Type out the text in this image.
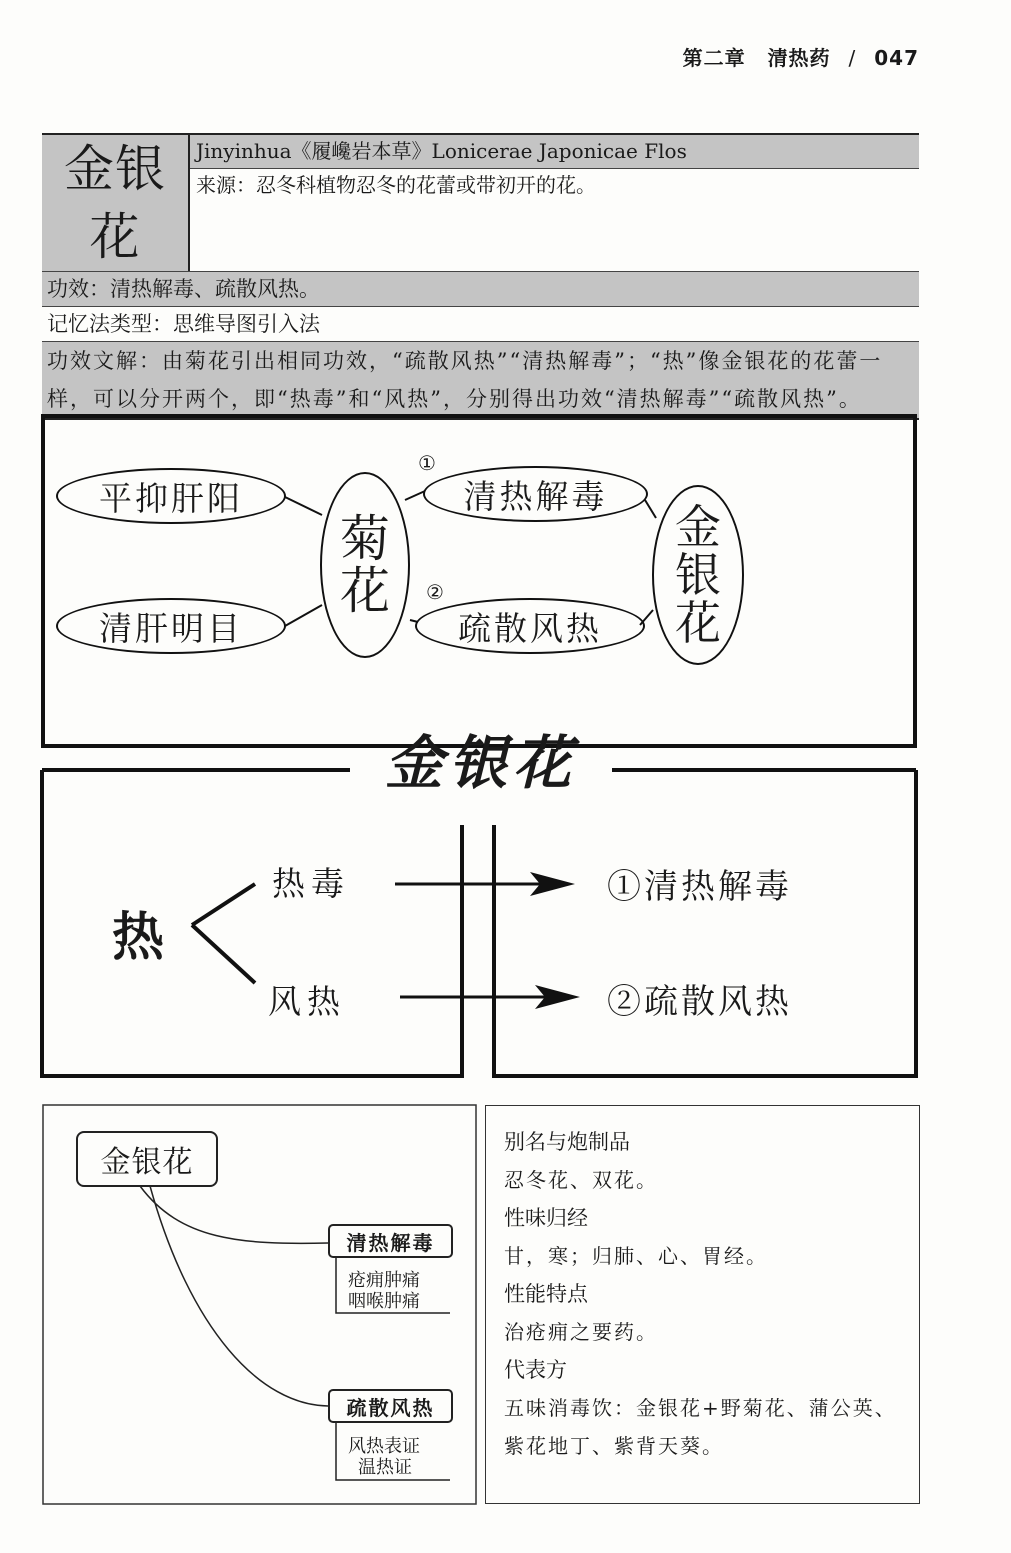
第二章 清热药 / 047
金银花
Jinyinhua《履巉岩本草》Lonicerae Japonicae Flos
来源：忍冬科植物忍冬的花蕾或带初开的花。
功效：清热解毒、疏散风热。
记忆法类型：思维导图引入法
功效文解：由菊花引出相同功效，“疏散风热”“清热解毒”；“热”像金银花的花蕾一样，可以分开两个，即“热毒”和“风热”，分别得出功效“清热解毒”“疏散风热”。
平抑肝阳
清肝明目
菊
花
清热解毒
疏散风热
①
②
金
银
花
金银花
热
热毒
风热
①清热解毒
②疏散风热
金银花
清热解毒
疮痈肿痛
咽喉肿痛
疏散风热
风热表证
温热证
别名与炮制品
忍冬花、双花。
性味归经
甘，寒；归肺、心、胃经。
性能特点
治疮痈之要药。
代表方
五味消毒饮：金银花+野菊花、蒲公英、紫花地丁、紫背天葵。
